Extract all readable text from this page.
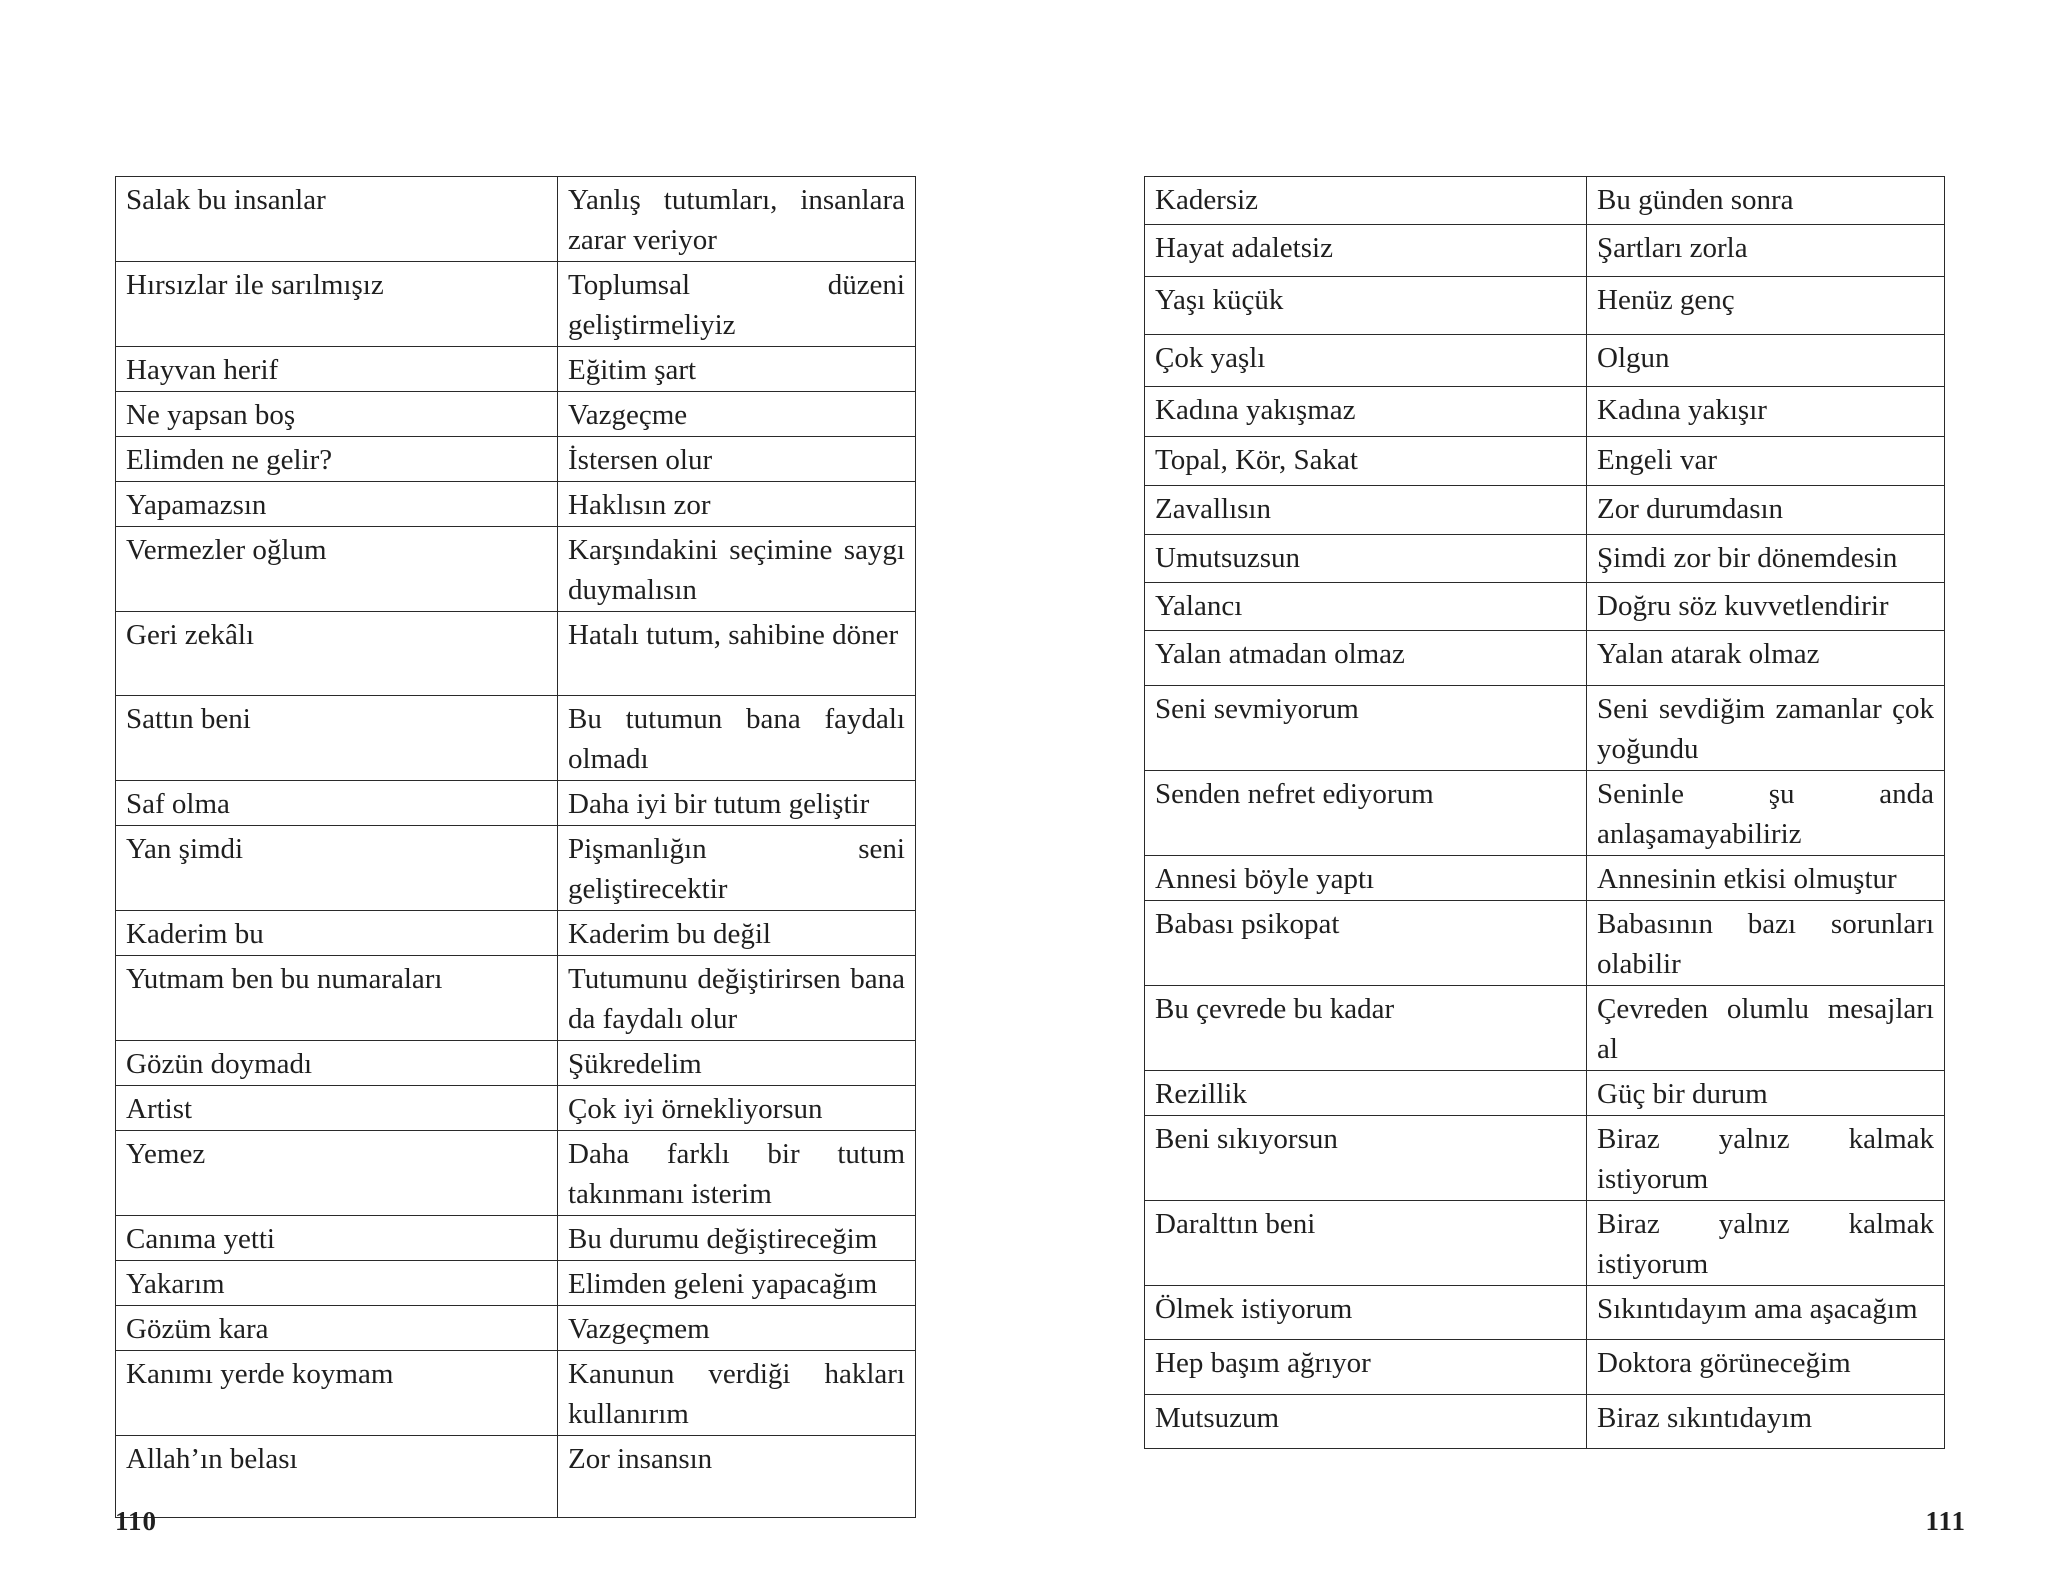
Salak bu insanlar	Yanlış tutumları, insanlara zarar veriyor
Hırsızlar ile sarılmışız	Toplumsal düzeni geliştirmeliyiz
Hayvan herif	Eğitim şart
Ne yapsan boş	Vazgeçme
Elimden ne gelir?	İstersen olur
Yapamazsın	Haklısın zor
Vermezler oğlum	Karşındakini seçimine saygı duymalısın
Geri zekâlı	Hatalı tutum, sahibine döner
Sattın beni	Bu tutumun bana faydalı olmadı
Saf olma	Daha iyi bir tutum geliştir
Yan şimdi	Pişmanlığın seni geliştirecektir
Kaderim bu	Kaderim bu değil
Yutmam ben bu numaraları	Tutumunu değiştirirsen bana da faydalı olur
Gözün doymadı	Şükredelim
Artist	Çok iyi örnekliyorsun
Yemez	Daha farklı bir tutum takınmanı isterim
Canıma yetti	Bu durumu değiştireceğim
Yakarım	Elimden geleni yapacağım
Gözüm kara	Vazgeçmem
Kanımı yerde koymam	Kanunun verdiği hakları kullanırım
Allah’ın belası	Zor insansın
110
Kadersiz	Bu günden sonra
Hayat adaletsiz	Şartları zorla
Yaşı küçük	Henüz genç
Çok yaşlı	Olgun
Kadına yakışmaz	Kadına yakışır
Topal, Kör, Sakat	Engeli var
Zavallısın	Zor durumdasın
Umutsuzsun	Şimdi zor bir dönemdesin
Yalancı	Doğru söz kuvvetlendirir
Yalan atmadan olmaz	Yalan atarak olmaz
Seni sevmiyorum	Seni sevdiğim zamanlar çok yoğundu
Senden nefret ediyorum	Seninle şu anda anlaşamayabiliriz
Annesi böyle yaptı	Annesinin etkisi olmuştur
Babası psikopat	Babasının bazı sorunları olabilir
Bu çevrede bu kadar	Çevreden olumlu mesajları al
Rezillik	Güç bir durum
Beni sıkıyorsun	Biraz yalnız kalmak istiyorum
Daralttın beni	Biraz yalnız kalmak istiyorum
Ölmek istiyorum	Sıkıntıdayım ama aşacağım
Hep başım ağrıyor	Doktora görüneceğim
Mutsuzum	Biraz sıkıntıdayım
111
